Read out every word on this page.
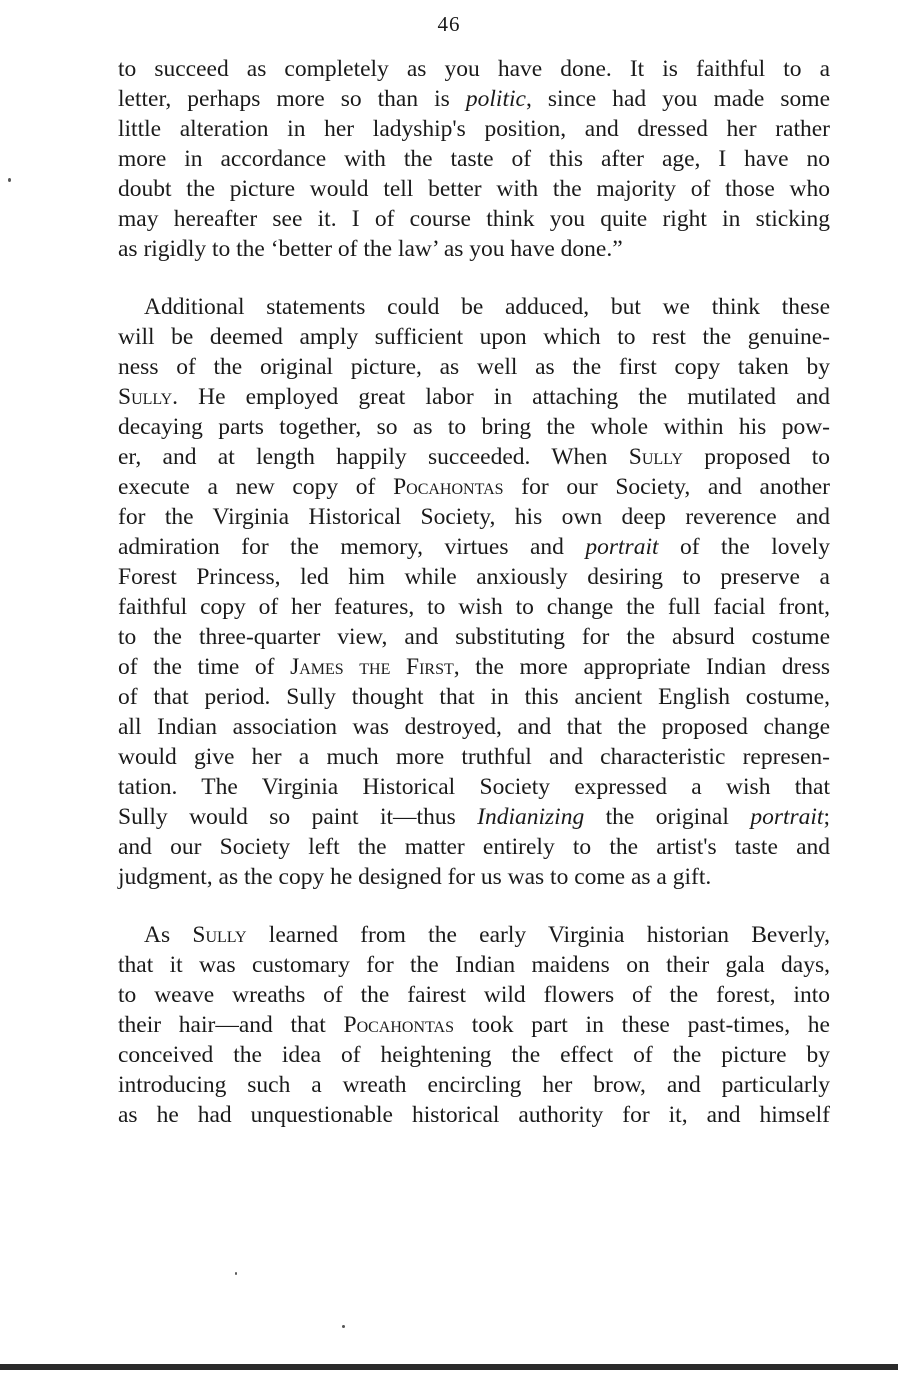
46
to succeed as completely as you have done. It is faithful to a
letter, perhaps more so than is politic, since had you made some
little alteration in her ladyship's position, and dressed her rather
more in accordance with the taste of this after age, I have no
doubt the picture would tell better with the majority of those who
may hereafter see it. I of course think you quite right in sticking
as rigidly to the ‘better of the law’ as you have done.”
Additional statements could be adduced, but we think these
will be deemed amply sufficient upon which to rest the genuine-
ness of the original picture, as well as the first copy taken by
Sully. He employed great labor in attaching the mutilated and
decaying parts together, so as to bring the whole within his pow-
er, and at length happily succeeded. When Sully proposed to
execute a new copy of Pocahontas for our Society, and another
for the Virginia Historical Society, his own deep reverence and
admiration for the memory, virtues and portrait of the lovely
Forest Princess, led him while anxiously desiring to preserve a
faithful copy of her features, to wish to change the full facial front,
to the three-quarter view, and substituting for the absurd costume
of the time of James the First, the more appropriate Indian dress
of that period. Sully thought that in this ancient English costume,
all Indian association was destroyed, and that the proposed change
would give her a much more truthful and characteristic represen-
tation. The Virginia Historical Society expressed a wish that
Sully would so paint it—thus Indianizing the original portrait;
and our Society left the matter entirely to the artist's taste and
judgment, as the copy he designed for us was to come as a gift.
As Sully learned from the early Virginia historian Beverly,
that it was customary for the Indian maidens on their gala days,
to weave wreaths of the fairest wild flowers of the forest, into
their hair—and that Pocahontas took part in these past-times, he
conceived the idea of heightening the effect of the picture by
introducing such a wreath encircling her brow, and particularly
as he had unquestionable historical authority for it, and himself
